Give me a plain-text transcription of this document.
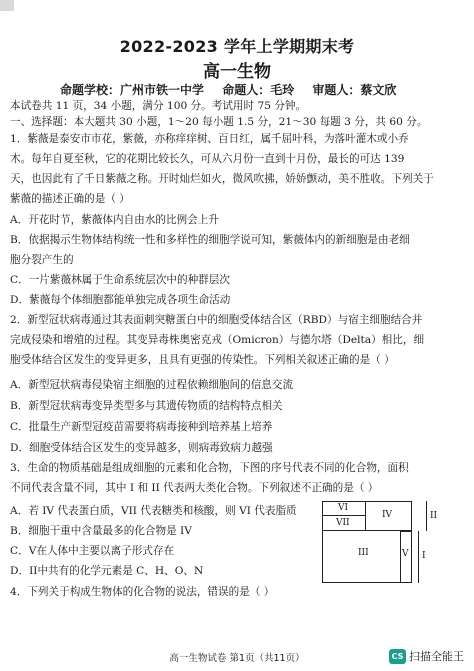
2022-2023 学年上学期期末考
高一生物
命题学校：广州市铁一中学 命题人：毛玲 审题人：蔡文欣
本试卷共 11 页，34 小题，满分 100 分。考试用时 75 分钟。
一、选择题：本大题共 30 小题，1～20 每小题 1.5 分，21～30 每题 3 分，共 60 分。
1．紫薇是泰安市市花，紫薇，亦称痒痒树、百日红，属千屈叶科，为落叶灌木或小乔
木。每年自夏至秋，它的花期比较长久，可从六月份一直到十月份，最长的可达 139
天，也因此有了千日紫薇之称。开时灿烂如火，微风吹拂，娇娇颤动，美不胜收。下列关于
紫薇的描述正确的是（ ）
A．开花时节，紫薇体内自由水的比例会上升
B．依据揭示生物体结构统一性和多样性的细胞学说可知，紫薇体内的新细胞是由老细
胞分裂产生的
C．一片紫薇林属于生命系统层次中的种群层次
D．紫薇每个体细胞都能单独完成各项生命活动
2．新型冠状病毒通过其表面刺突糖蛋白中的细胞受体结合区（RBD）与宿主细胞结合并
完成侵染和增殖的过程。其变异毒株奥密克戎（Omicron）与德尔塔（Delta）相比，细
胞受体结合区发生的变异更多，且具有更强的传染性。下列相关叙述正确的是（ ）
A．新型冠状病毒侵染宿主细胞的过程依赖细胞间的信息交流
B．新型冠状病毒变异类型多与其遗传物质的结构特点相关
C．批量生产新型冠疫苗需要将病毒接种到培养基上培养
D．细胞受体结合区发生的变异越多，则病毒致病力越强
3．生命的物质基础是组成细胞的元素和化合物，下图的序号代表不同的化合物，面积
不同代表含量不同，其中 I 和 II 代表两大类化合物。下列叙述不正确的是（ ）
A．若 IV 代表蛋白质，VII 代表糖类和核酸，则 VI 代表脂质
B．细胞干重中含量最多的化合物是 IV
C．V在人体中主要以离子形式存在
D．II中共有的化学元素是 C、H、O、N
4．下列关于构成生物体的化合物的说法，错误的是（ ）
VI
VII
IV
III	V I
II
高一生物试卷 第1页（共11页）	CS 扫描全能王
